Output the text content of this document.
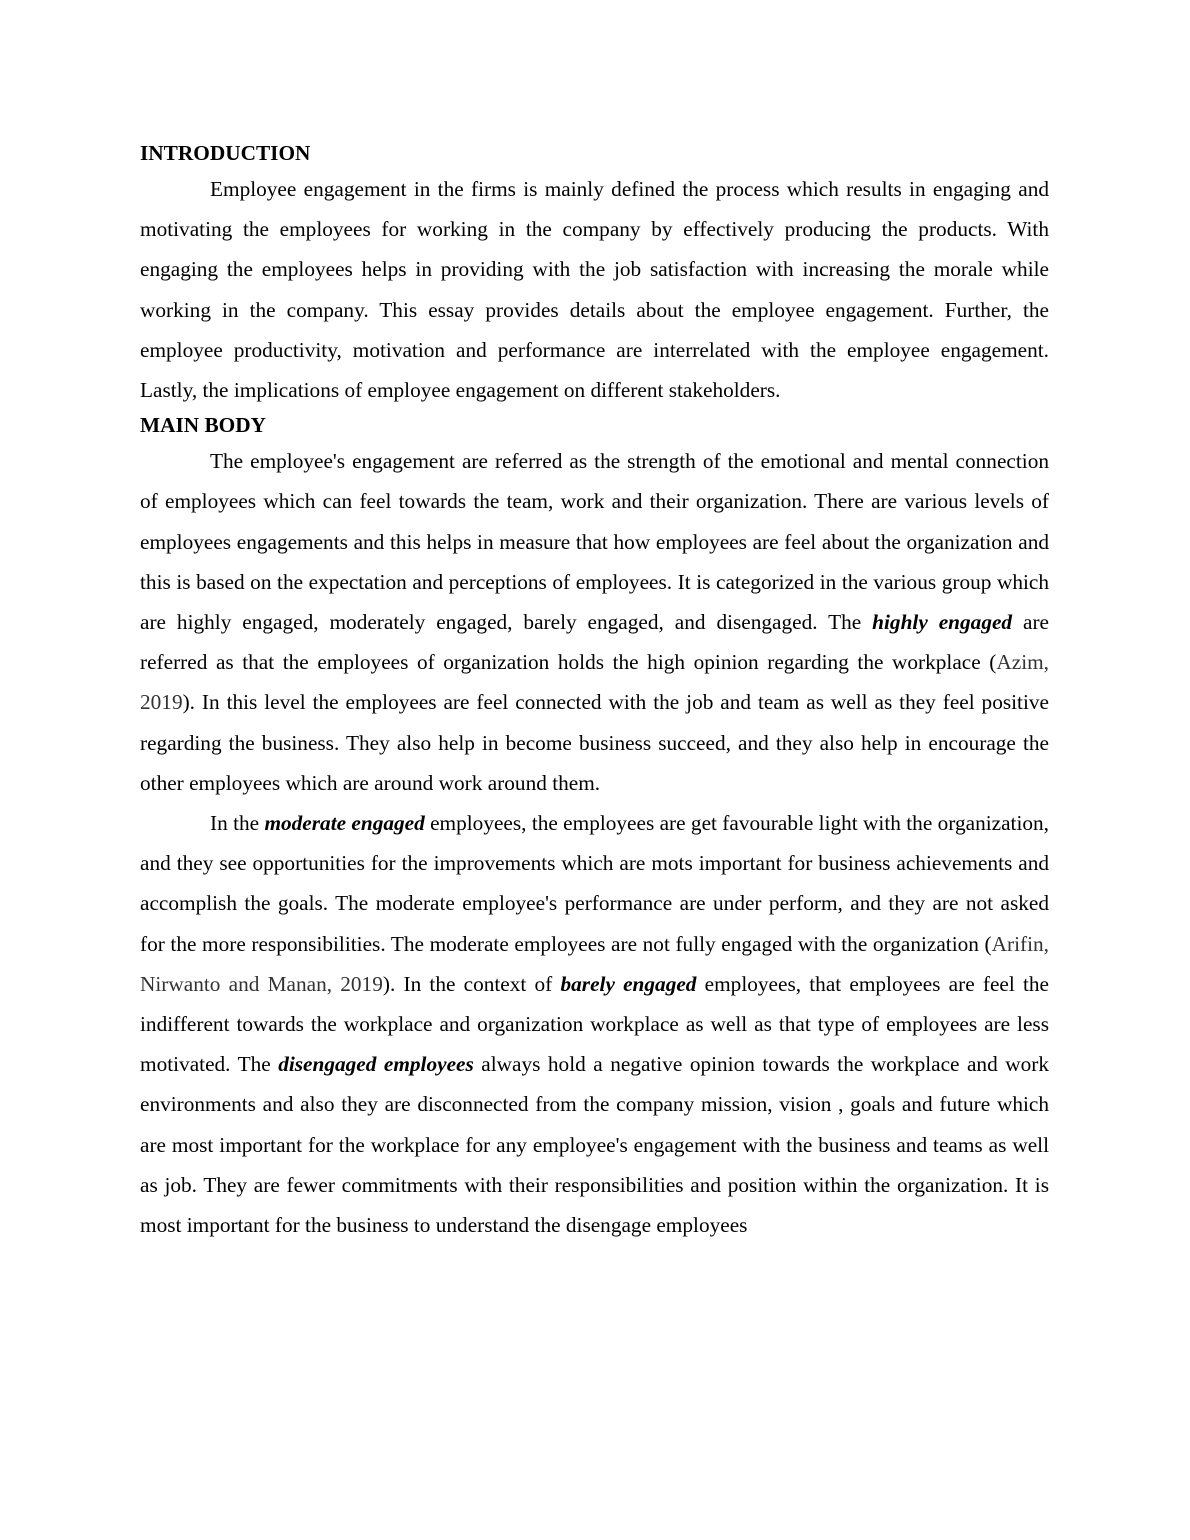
INTRODUCTION

Employee engagement in the firms is mainly defined the process which results in engaging and motivating the employees for working in the company by effectively producing the products. With engaging the employees helps in providing with the job satisfaction with increasing the morale while working in the company. This essay provides details about the employee engagement. Further, the employee productivity, motivation and performance are interrelated with the employee engagement. Lastly, the implications of employee engagement on different stakeholders.

MAIN BODY

The employee's engagement are referred as the strength of the emotional and mental connection of employees which can feel towards the team, work and their organization. There are various levels of employees engagements and this helps in measure that how employees are feel about the organization and this is based on the expectation and perceptions of employees. It is categorized in the various group which are highly engaged, moderately engaged, barely engaged, and disengaged. The highly engaged are referred as that the employees of organization holds the high opinion regarding the workplace (Azim, 2019). In this level the employees are feel connected with the job and team as well as they feel positive regarding the business. They also help in become business succeed, and they also help in encourage the other employees which are around work around them.

In the moderate engaged employees, the employees are get favourable light with the organization, and they see opportunities for the improvements which are mots important for business achievements and accomplish the goals. The moderate employee's performance are under perform, and they are not asked for the more responsibilities. The moderate employees are not fully engaged with the organization (Arifin, Nirwanto and Manan, 2019). In the context of barely engaged employees, that employees are feel the indifferent towards the workplace and organization workplace as well as that type of employees are less motivated. The disengaged employees always hold a negative opinion towards the workplace and work environments and also they are disconnected from the company mission, vision , goals and future which are most important for the workplace for any employee's engagement with the business and teams as well as job. They are fewer commitments with their responsibilities and position within the organization. It is most important for the business to understand the disengage employees
